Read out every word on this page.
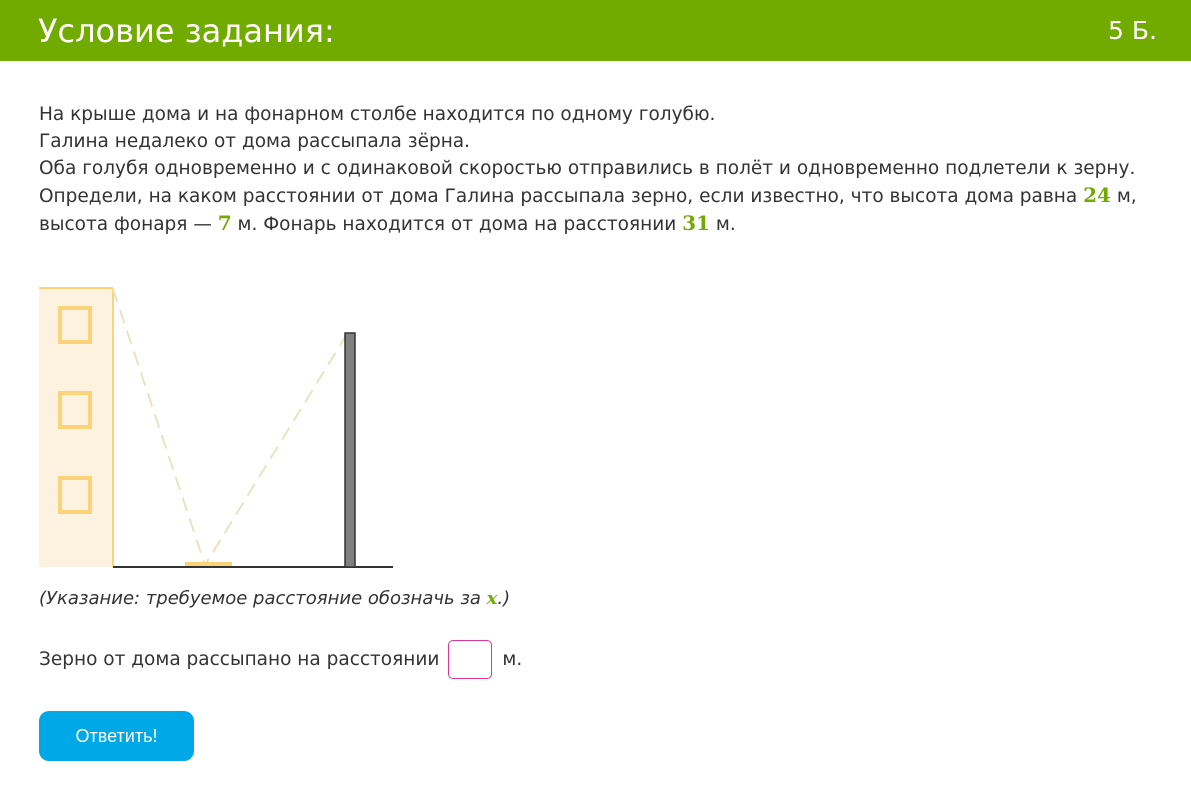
Условие задания:	5 Б.
На крыше дома и на фонарном столбе находится по одному голубю.
Галина недалеко от дома рассыпала зёрна.
Оба голубя одновременно и с одинаковой скоростью отправились в полёт и одновременно подлетели к зерну.
Определи, на каком расстоянии от дома Галина рассыпала зерно, если известно, что высота дома равна 24 м,
высота фонаря — 7 м. Фонарь находится от дома на расстоянии 31 м.
(Указание: требуемое расстояние обозначь за x.)
Зерно от дома рассыпано на расстоянии	м.
Ответить!
